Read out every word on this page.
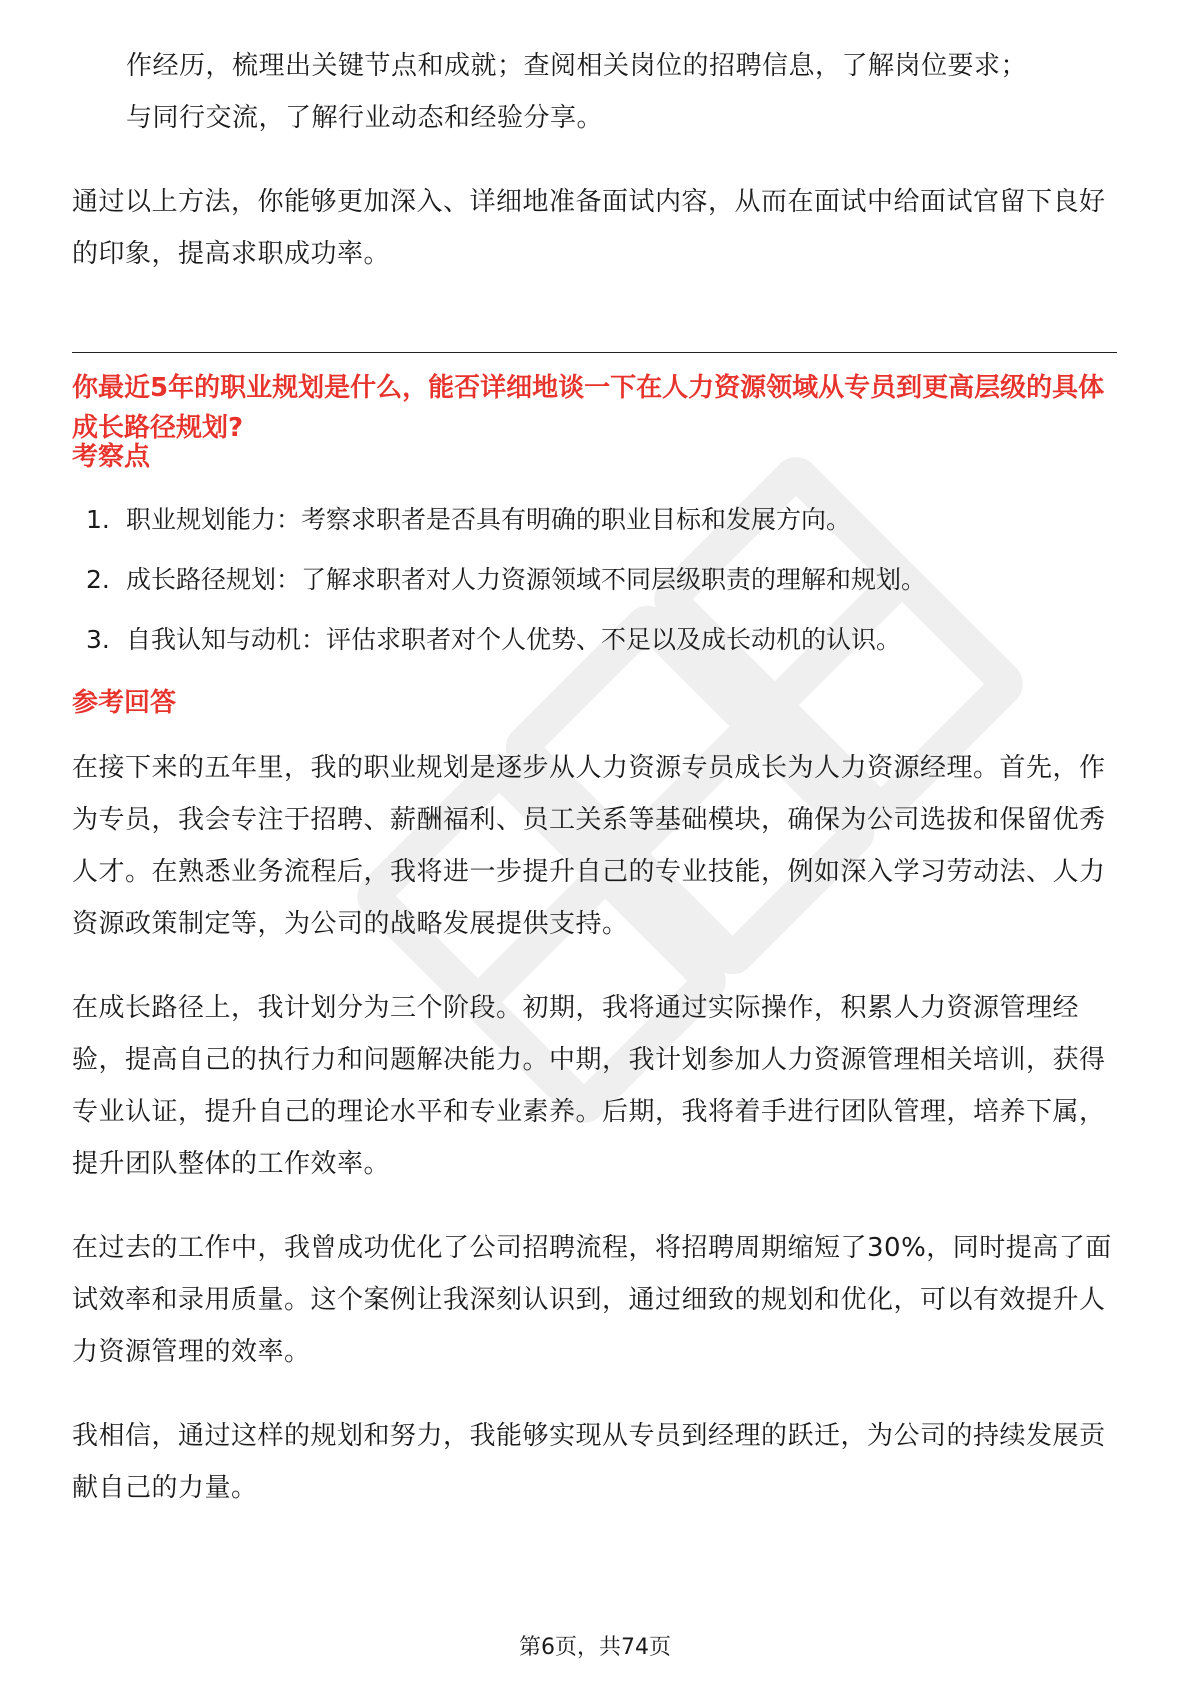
作经历，梳理出关键节点和成就；查阅相关岗位的招聘信息，了解岗位要求；
与同行交流，了解行业动态和经验分享。
通过以上方法，你能够更加深入、详细地准备面试内容，从而在面试中给面试官留下良好的印象，提高求职成功率。
你最近5年的职业规划是什么，能否详细地谈一下在人力资源领域从专员到更高层级的具体成长路径规划?
考察点
1. 职业规划能力：考察求职者是否具有明确的职业目标和发展方向。
2. 成长路径规划：了解求职者对人力资源领域不同层级职责的理解和规划。
3. 自我认知与动机：评估求职者对个人优势、不足以及成长动机的认识。
参考回答
在接下来的五年里，我的职业规划是逐步从人力资源专员成长为人力资源经理。首先，作为专员，我会专注于招聘、薪酬福利、员工关系等基础模块，确保为公司选拔和保留优秀人才。在熟悉业务流程后，我将进一步提升自己的专业技能，例如深入学习劳动法、人力资源政策制定等，为公司的战略发展提供支持。
在成长路径上，我计划分为三个阶段。初期，我将通过实际操作，积累人力资源管理经验，提高自己的执行力和问题解决能力。中期，我计划参加人力资源管理相关培训，获得专业认证，提升自己的理论水平和专业素养。后期，我将着手进行团队管理，培养下属，提升团队整体的工作效率。
在过去的工作中，我曾成功优化了公司招聘流程，将招聘周期缩短了30%，同时提高了面试效率和录用质量。这个案例让我深刻认识到，通过细致的规划和优化，可以有效提升人力资源管理的效率。
我相信，通过这样的规划和努力，我能够实现从专员到经理的跃迁，为公司的持续发展贡献自己的力量。
第6页，共74页
